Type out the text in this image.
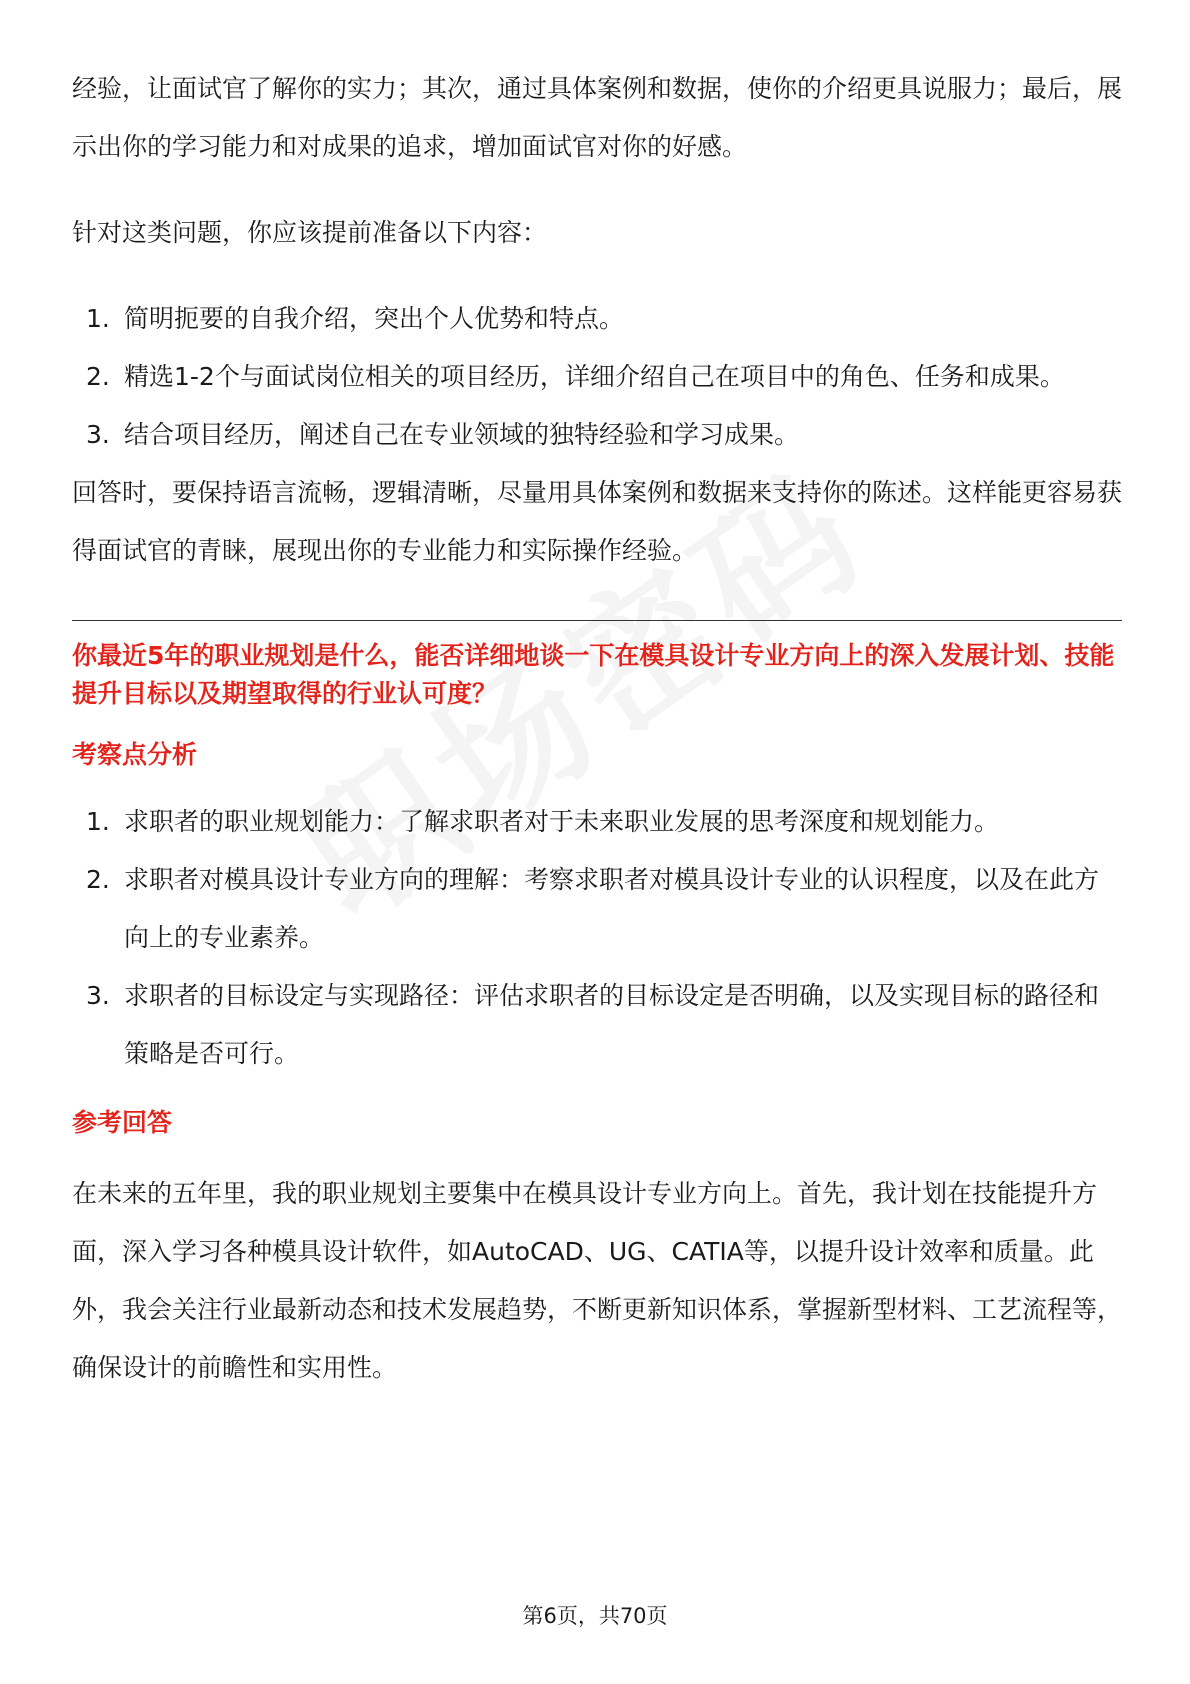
经验，让面试官了解你的实力；其次，通过具体案例和数据，使你的介绍更具说服力；最后，展示出你的学习能力和对成果的追求，增加面试官对你的好感。

针对这类问题，你应该提前准备以下内容：

1. 简明扼要的自我介绍，突出个人优势和特点。
2. 精选1-2个与面试岗位相关的项目经历，详细介绍自己在项目中的角色、任务和成果。
3. 结合项目经历，阐述自己在专业领域的独特经验和学习成果。

回答时，要保持语言流畅，逻辑清晰，尽量用具体案例和数据来支持你的陈述。这样能更容易获得面试官的青睐，展现出你的专业能力和实际操作经验。

你最近5年的职业规划是什么，能否详细地谈一下在模具设计专业方向上的深入发展计划、技能提升目标以及期望取得的行业认可度？

考察点分析

1. 求职者的职业规划能力：了解求职者对于未来职业发展的思考深度和规划能力。
2. 求职者对模具设计专业方向的理解：考察求职者对模具设计专业的认识程度，以及在此方向上的专业素养。
3. 求职者的目标设定与实现路径：评估求职者的目标设定是否明确，以及实现目标的路径和策略是否可行。

参考回答

在未来的五年里，我的职业规划主要集中在模具设计专业方向上。首先，我计划在技能提升方面，深入学习各种模具设计软件，如AutoCAD、UG、CATIA等，以提升设计效率和质量。此外，我会关注行业最新动态和技术发展趋势，不断更新知识体系，掌握新型材料、工艺流程等，确保设计的前瞻性和实用性。

第6页，共70页
